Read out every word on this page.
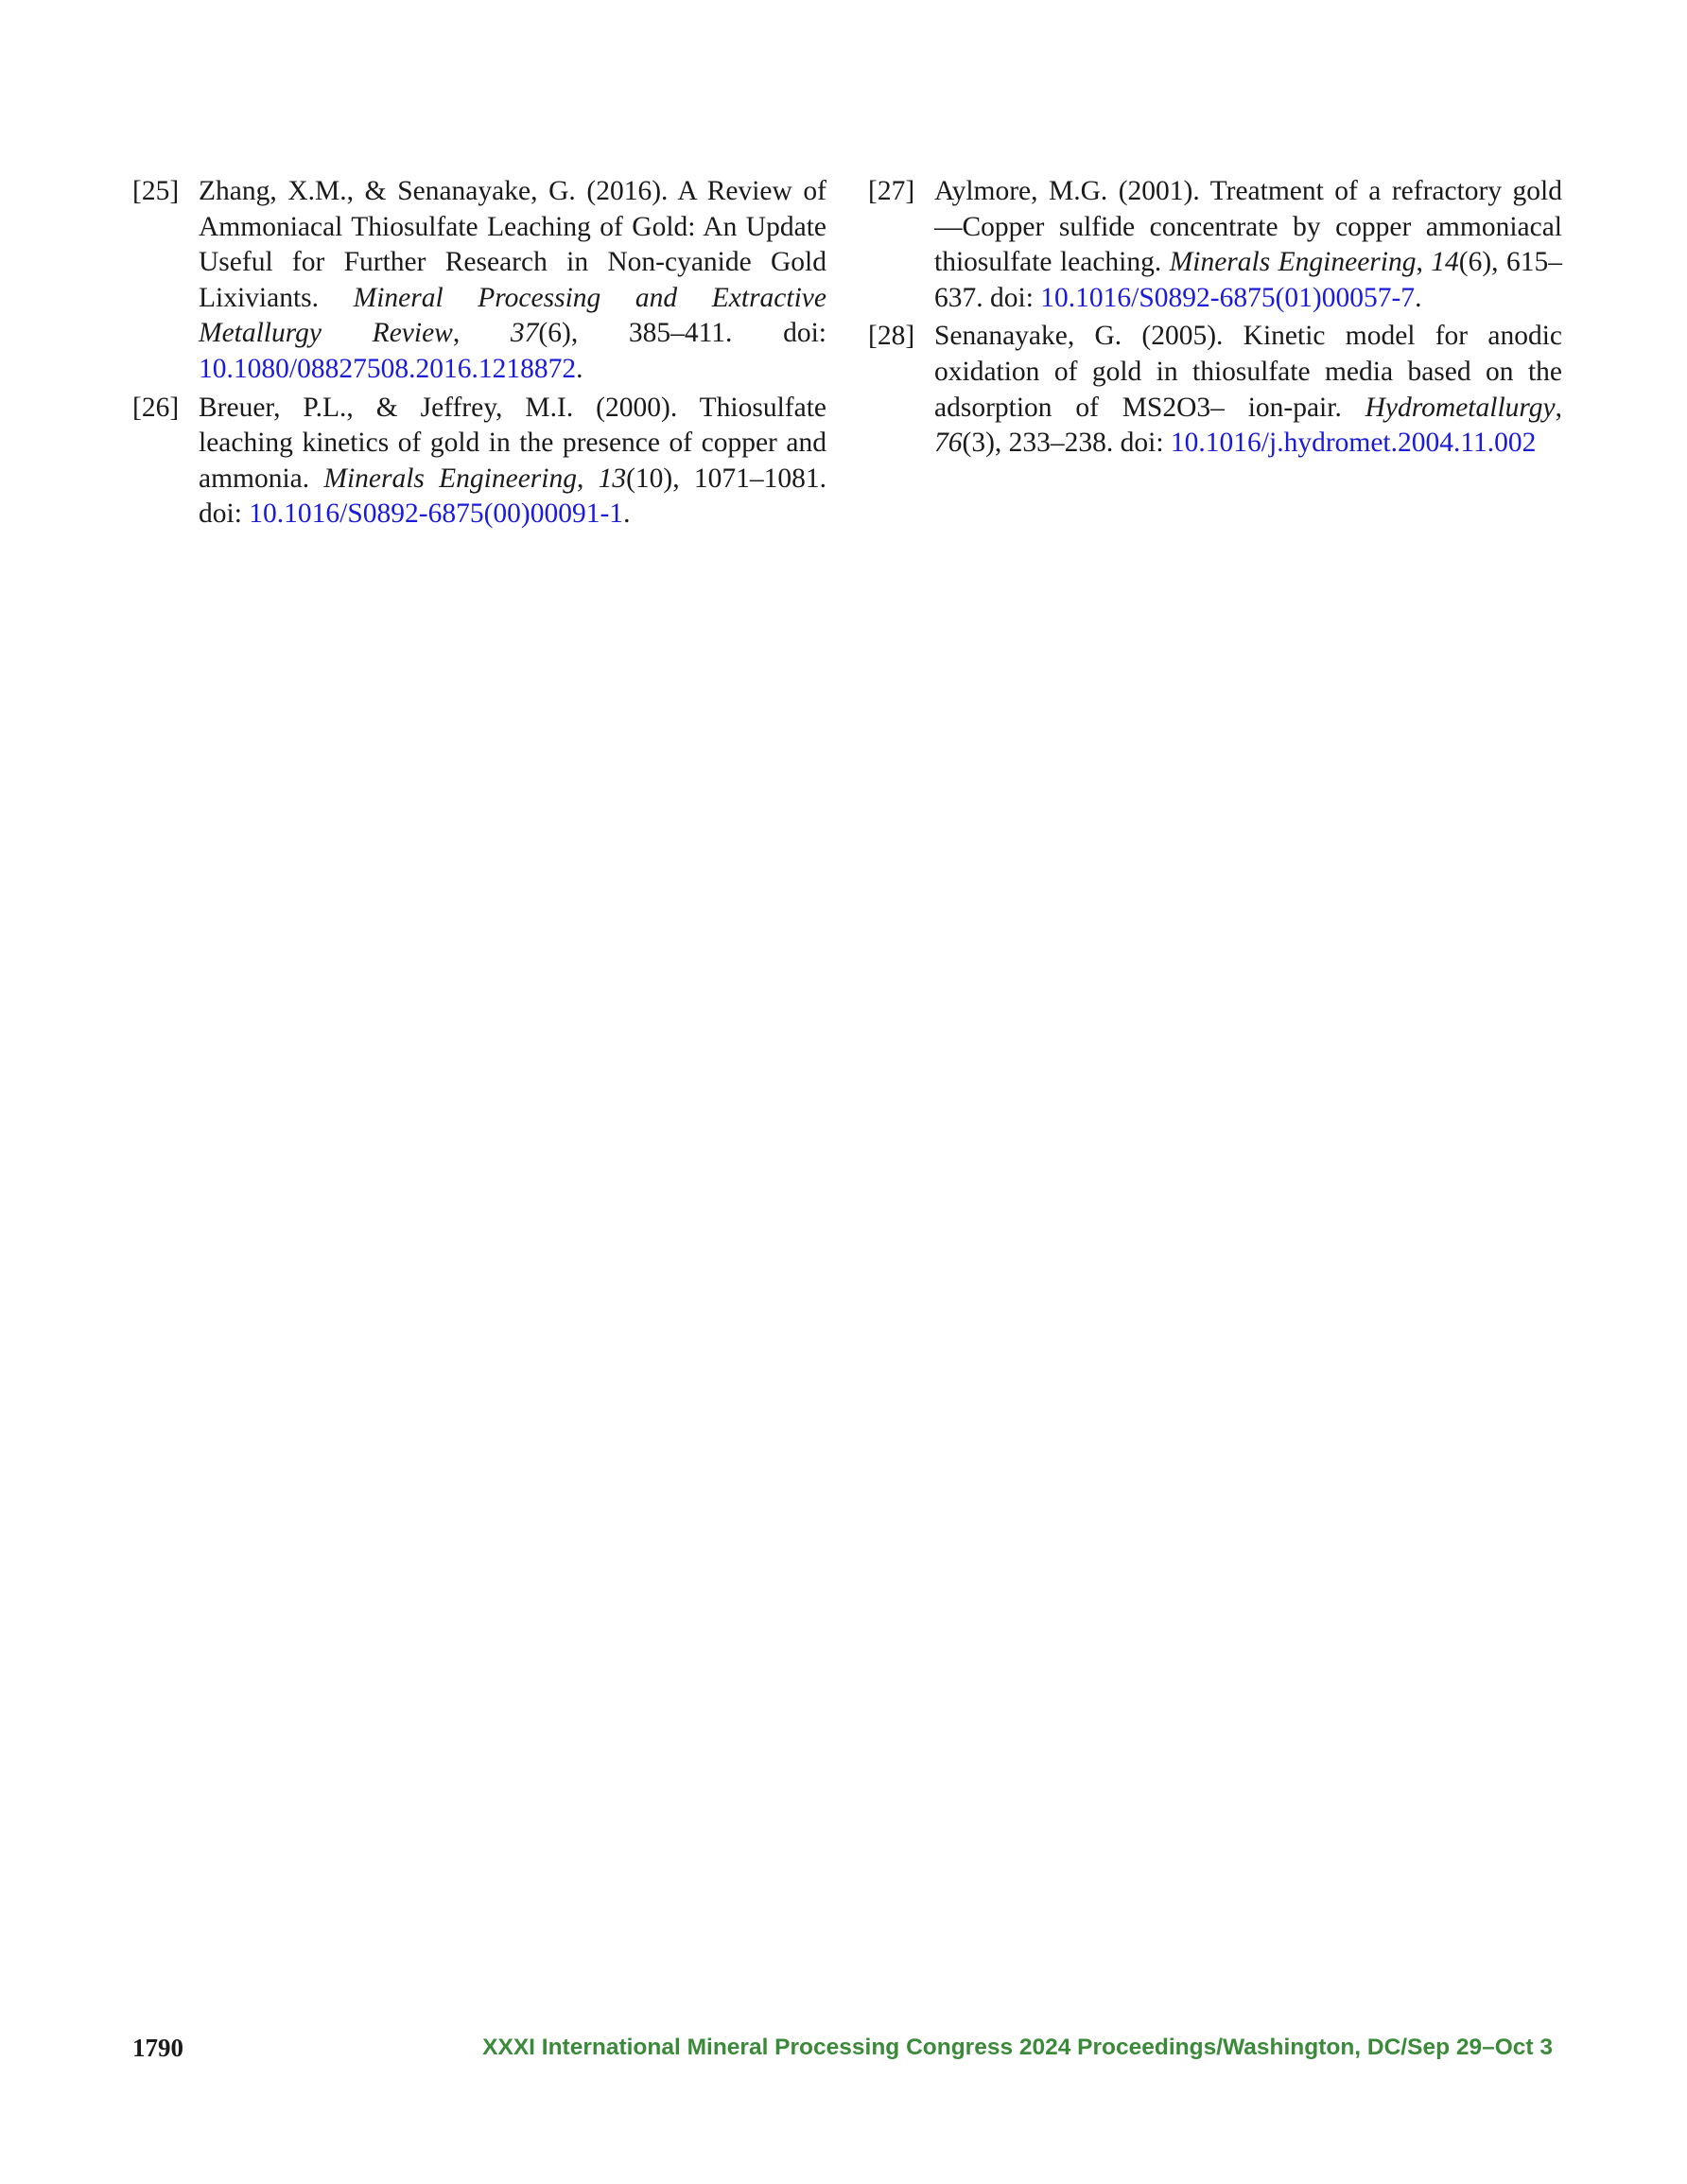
[25] Zhang, X.M., & Senanayake, G. (2016). A Review of Ammoniacal Thiosulfate Leaching of Gold: An Update Useful for Further Research in Non-cyanide Gold Lixiviants. Mineral Processing and Extractive Metallurgy Review, 37(6), 385–411. doi: 10.1080/08827508.2016.1218872.
[26] Breuer, P.L., & Jeffrey, M.I. (2000). Thiosulfate leaching kinetics of gold in the presence of copper and ammonia. Minerals Engineering, 13(10), 1071–1081. doi: 10.1016/S0892-6875(00)00091-1.
[27] Aylmore, M.G. (2001). Treatment of a refractory gold—Copper sulfide concentrate by copper ammoniacal thiosulfate leaching. Minerals Engineering, 14(6), 615–637. doi: 10.1016/S0892-6875(01)00057-7.
[28] Senanayake, G. (2005). Kinetic model for anodic oxidation of gold in thiosulfate media based on the adsorption of MS2O3– ion-pair. Hydrometallurgy, 76(3), 233–238. doi: 10.1016/j.hydromet.2004.11.002
1790	XXXI International Mineral Processing Congress 2024 Proceedings/Washington, DC/Sep 29–Oct 3
